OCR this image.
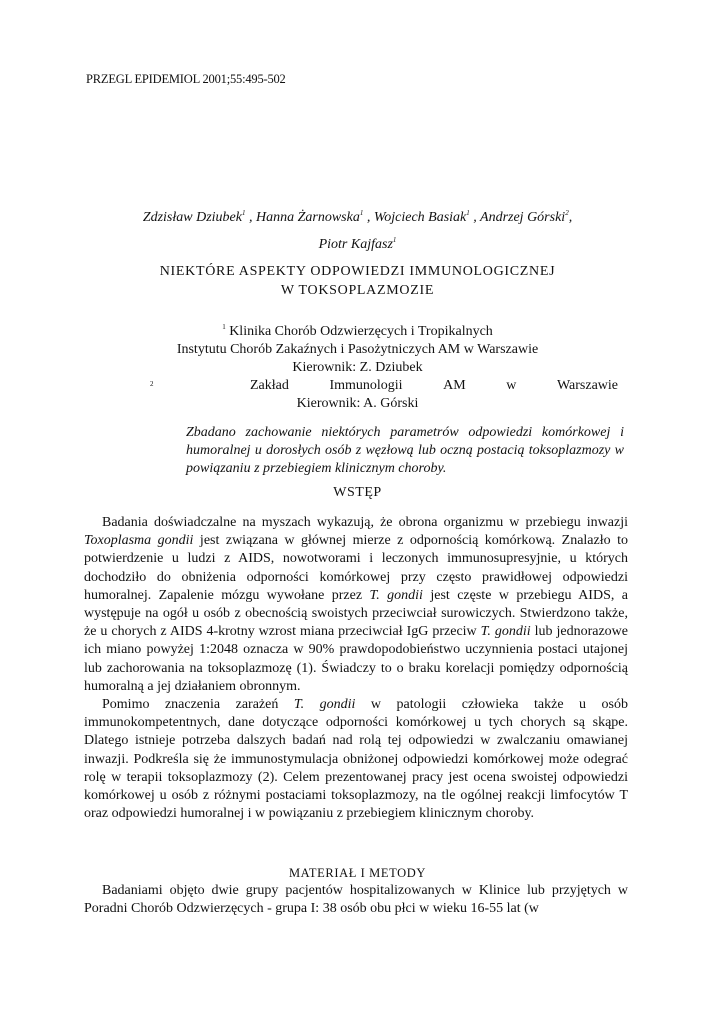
PRZEGL EPIDEMIOL 2001;55:495-502
Zdzisław Dziubek$^1$ , Hanna Żarnowska$^1$ , Wojciech Basiak$^1$ , Andrzej Górski$^2$,
Piotr Kajfasz$^1$
NIEKTÓRE ASPEKTY ODPOWIEDZI IMMUNOLOGICZNEJ
W TOKSOPLAZMOZIE
$^1$ Klinika Chorób Odzwierzęcych i Tropikalnych
Instytutu Chorób Zakaźnych i Pasożytniczych AM w Warszawie
Kierownik: Z. Dziubek
2	Zakład	Immunologii	AM	w	Warszawie
Kierownik: A. Górski
Zbadano zachowanie niektórych parametrów odpowiedzi komórkowej i humoralnej u dorosłych osób z węzłową lub oczną postacią toksoplazmozy w powiązaniu z przebiegiem klinicznym choroby.
WSTĘP

Badania doświadczalne na myszach wykazują, że obrona organizmu w przebiegu inwazji Toxoplasma gondii jest związana w głównej mierze z odpornością komórkową. Znalazło to potwierdzenie u ludzi z AIDS, nowotworami i leczonych immunosupresyjnie, u których dochodziło do obniżenia odporności komórkowej przy często prawidłowej odpowiedzi humoralnej. Zapalenie mózgu wywołane przez T. gondii jest częste w przebiegu AIDS, a występuje na ogół u osób z obecnością swoistych przeciwciał surowiczych. Stwierdzono także, że u chorych z AIDS 4-krotny wzrost miana przeciwciał IgG przeciw T. gondii lub jednorazowe ich miano powyżej 1:2048 oznacza w 90% prawdopodobieństwo uczynnienia postaci utajonej lub zachorowania na toksoplazmozę (1). Świadczy to o braku korelacji pomiędzy odpornością humoralną a jej działaniem obronnym.

Pomimo znaczenia zarażeń T. gondii w patologii człowieka także u osób immunokompetentnych, dane dotyczące odporności komórkowej u tych chorych są skąpe. Dlatego istnieje potrzeba dalszych badań nad rolą tej odpowiedzi w zwalczaniu omawianej inwazji. Podkreśla się że immunostymulacja obniżonej odpowiedzi komórkowej może odegrać rolę w terapii toksoplazmozy (2). Celem prezentowanej pracy jest ocena swoistej odpowiedzi komórkowej u osób z różnymi postaciami toksoplazmozy, na tle ogólnej reakcji limfocytów T oraz odpowiedzi humoralnej i w powiązaniu z przebiegiem klinicznym choroby.

MATERIAŁ I METODY

Badaniami objęto dwie grupy pacjentów hospitalizowanych w Klinice lub przyjętych w Poradni Chorób Odzwierzęcych - grupa I: 38 osób obu płci w wieku 16-55 lat (w
